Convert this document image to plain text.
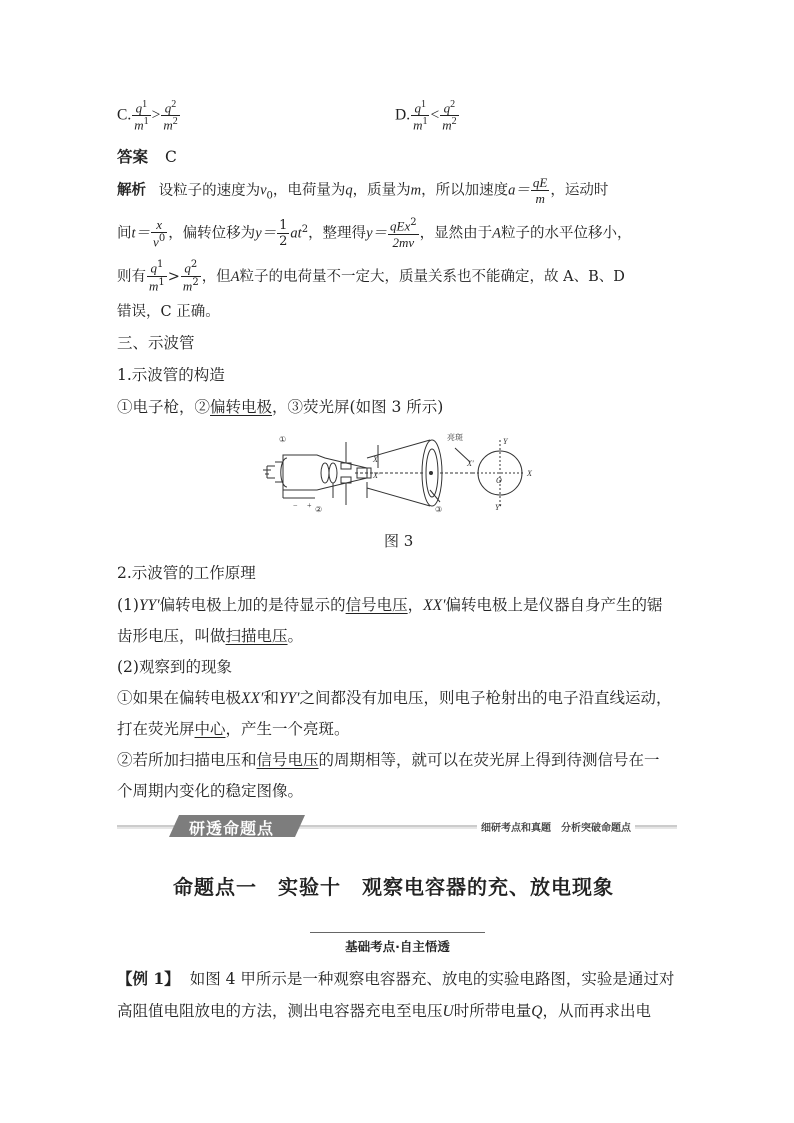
C. $\frac{q^1}{m^1} > \frac{q^2}{m^2}$	D. $\frac{q^1}{m^1} < \frac{q^2}{m^2}$
答案 C
解析 设粒子的速度为$v_0$，电荷量为q，质量为m，所以加速度$a= \frac{qE}{m}$ ，运动时
间$t= \frac{x}{v^0}$ ，偏转位移为$y= \frac{1}{2} at^2$，整理得$y= \frac{qEx^2}{2mv}$ ，显然由于A粒子的水平位移小，
则有 $\frac{q^1}{m^1} > \frac{q^2}{m^2}$ ，但A粒子的电荷量不一定大，质量关系也不能确定，故 A、B、D
错误，C 正确。
三、示波管
1.示波管的构造
①电子枪，②偏转电极，③荧光屏(如图 3 所示)
①
②	③
亮斑	Y
Y′
X
X′
O
X
X′
− +
图 3
2.示波管的工作原理
(1)YY′偏转电极上加的是待显示的信号电压，XX′偏转电极上是仪器自身产生的锯
齿形电压，叫做扫描电压。
(2)观察到的现象
①如果在偏转电极XX′和YY′之间都没有加电压，则电子枪射出的电子沿直线运动，
打在荧光屏中心，产生一个亮斑。
②若所加扫描电压和信号电压的周期相等，就可以在荧光屏上得到待测信号在一
个周期内变化的稳定图像。
研透命题点	细研考点和真题　分析突破命题点
命题点一　实验十　观察电容器的充、放电现象
基础考点·自主悟透
【例 1】 如图 4 甲所示是一种观察电容器充、放电的实验电路图，实验是通过对
高阻值电阻放电的方法，测出电容器充电至电压U时所带电量Q，从而再求出电
